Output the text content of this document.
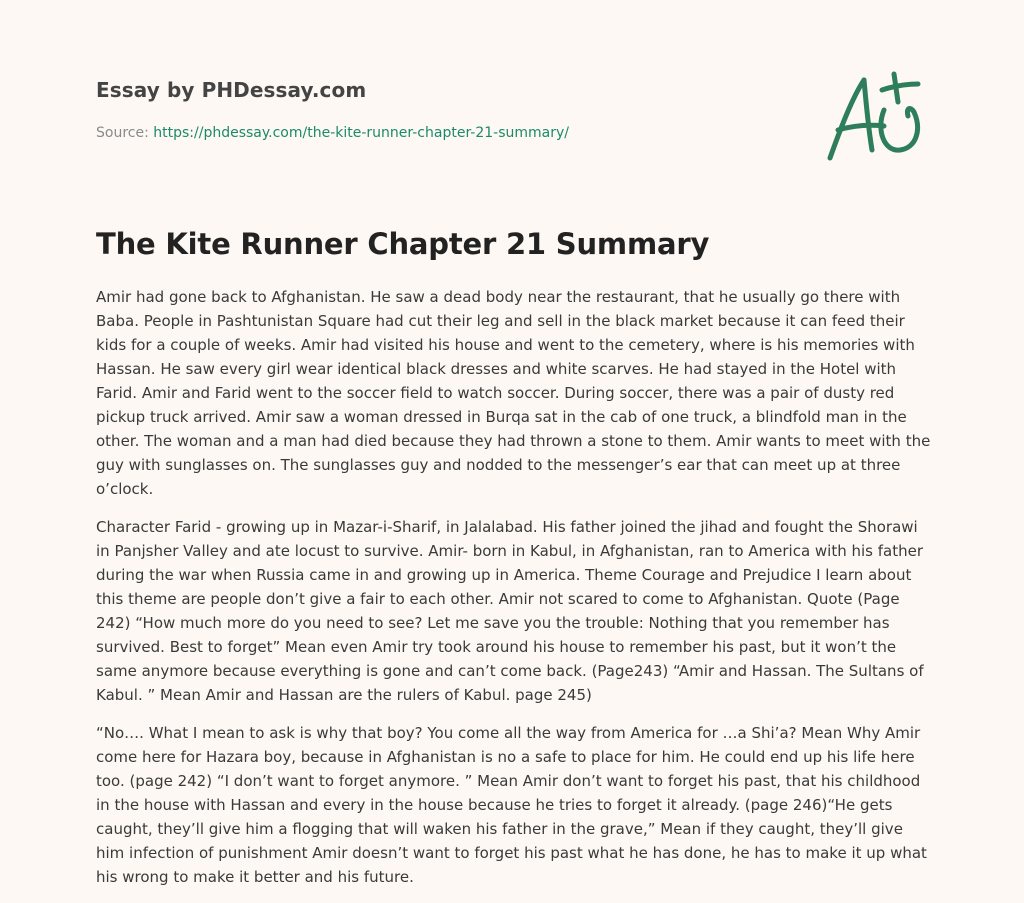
Essay by PHDessay.com
Source: https://phdessay.com/the-kite-runner-chapter-21-summary/
The Kite Runner Chapter 21 Summary

Amir had gone back to Afghanistan. He saw a dead body near the restaurant, that he usually go there with Baba. People in Pashtunistan Square had cut their leg and sell in the black market because it can feed their kids for a couple of weeks. Amir had visited his house and went to the cemetery, where is his memories with Hassan. He saw every girl wear identical black dresses and white scarves. He had stayed in the Hotel with Farid. Amir and Farid went to the soccer field to watch soccer. During soccer, there was a pair of dusty red pickup truck arrived. Amir saw a woman dressed in Burqa sat in the cab of one truck, a blindfold man in the other. The woman and a man had died because they had thrown a stone to them. Amir wants to meet with the guy with sunglasses on. The sunglasses guy and nodded to the messenger’s ear that can meet up at three o’clock.

Character Farid - growing up in Mazar-i-Sharif, in Jalalabad. His father joined the jihad and fought the Shorawi in Panjsher Valley and ate locust to survive. Amir- born in Kabul, in Afghanistan, ran to America with his father during the war when Russia came in and growing up in America. Theme Courage and Prejudice I learn about this theme are people don’t give a fair to each other. Amir not scared to come to Afghanistan. Quote (Page 242) “How much more do you need to see? Let me save you the trouble: Nothing that you remember has survived. Best to forget” Mean even Amir try took around his house to remember his past, but it won’t the same anymore because everything is gone and can’t come back. (Page243) “Amir and Hassan. The Sultans of Kabul. ” Mean Amir and Hassan are the rulers of Kabul. page 245)

“No…. What I mean to ask is why that boy? You come all the way from America for …a Shi’a? Mean Why Amir come here for Hazara boy, because in Afghanistan is no a safe to place for him. He could end up his life here too. (page 242) “I don’t want to forget anymore. ” Mean Amir don’t want to forget his past, that his childhood in the house with Hassan and every in the house because he tries to forget it already. (page 246)“He gets caught, they’ll give him a flogging that will waken his father in the grave,” Mean if they caught, they’ll give him infection of punishment Amir doesn’t want to forget his past what he has done, he has to make it up what his wrong to make it better and his future.
